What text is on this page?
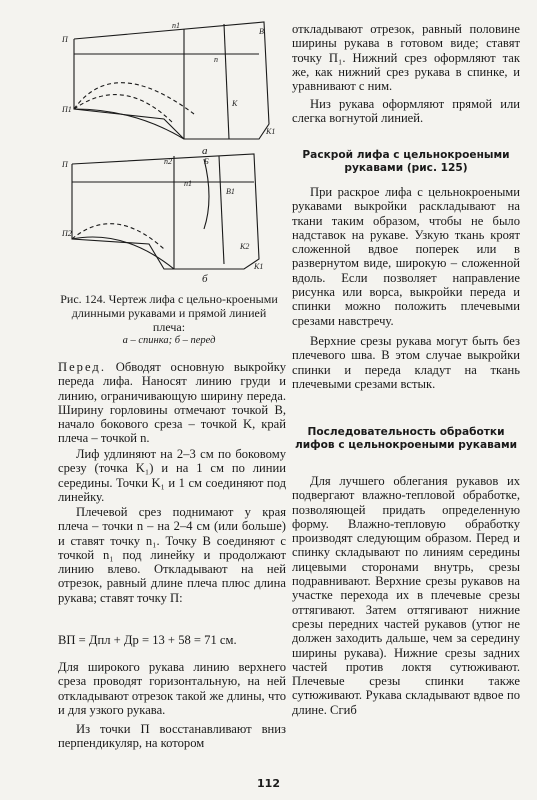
n1
B
n
K1
K
П
П1
П	n2	Б
n1
П2
B1
K2
K1
а
б
Рис. 124. Чертеж лифа с цельно-кроеными длинными рукавами и прямой линией плеча:
а – спинка; б – перед

Перед. Обводят основную выкройку переда лифа. Наносят линию груди и линию, ограничивающую ширину переда. Ширину горловины отмечают точкой B, начало бокового среза – точкой K, край плеча – точкой n.

Лиф удлиняют на 2–3 см по боковому срезу (точка K₁) и на 1 см по линии середины. Точки K₁ и 1 см соединяют под линейку.

Плечевой срез поднимают у края плеча – точки n – на 2–4 см (или больше) и ставят точку n₁. Точку B соединяют с точкой n₁ под линейку и продолжают линию влево. Откладывают на ней отрезок, равный длине плеча плюс длина рукава; ставят точку П:

BП = Дпл + Др = 13 + 58 = 71 см.

Для широкого рукава линию верхнего среза проводят горизонтальную, на ней откладывают отрезок такой же длины, что и для узкого рукава.

Из точки П восстанавливают вниз перпендикуляр, на котором

откладывают отрезок, равный половине ширины рукава в готовом виде; ставят точку П₁. Нижний срез оформляют так же, как нижний срез рукава в спинке, и уравнивают с ним.

Низ рукава оформляют прямой или слегка вогнутой линией.

Раскрой лифа с цельнокроеными рукавами (рис. 125)

При раскрое лифа с цельнокроеными рукавами выкройки раскладывают на ткани таким образом, чтобы не было надставок на рукаве. Узкую ткань кроят сложенной вдвое поперек или в развернутом виде, широкую – сложенной вдоль. Если позволяет направление рисунка или ворса, выкройки переда и спинки можно положить плечевыми срезами навстречу.

Верхние срезы рукава могут быть без плечевого шва. В этом случае выкройки спинки и переда кладут на ткань плечевыми срезами встык.

Последовательность обработки лифов с цельнокроеными рукавами

Для лучшего облегания рукавов их подвергают влажно-тепловой обработке, позволяющей придать определенную форму. Влажно-тепловую обработку производят следующим образом. Перед и спинку складывают по линиям середины лицевыми сторонами внутрь, срезы подравнивают. Верхние срезы рукавов на участке перехода их в плечевые срезы оттягивают. Затем оттягивают нижние срезы передних частей рукавов (утюг не должен заходить дальше, чем за середину ширины рукава). Нижние срезы задних частей против локтя сутюживают. Плечевые срезы спинки также сутюживают. Рукава складывают вдвое по длине. Сгиб

112
